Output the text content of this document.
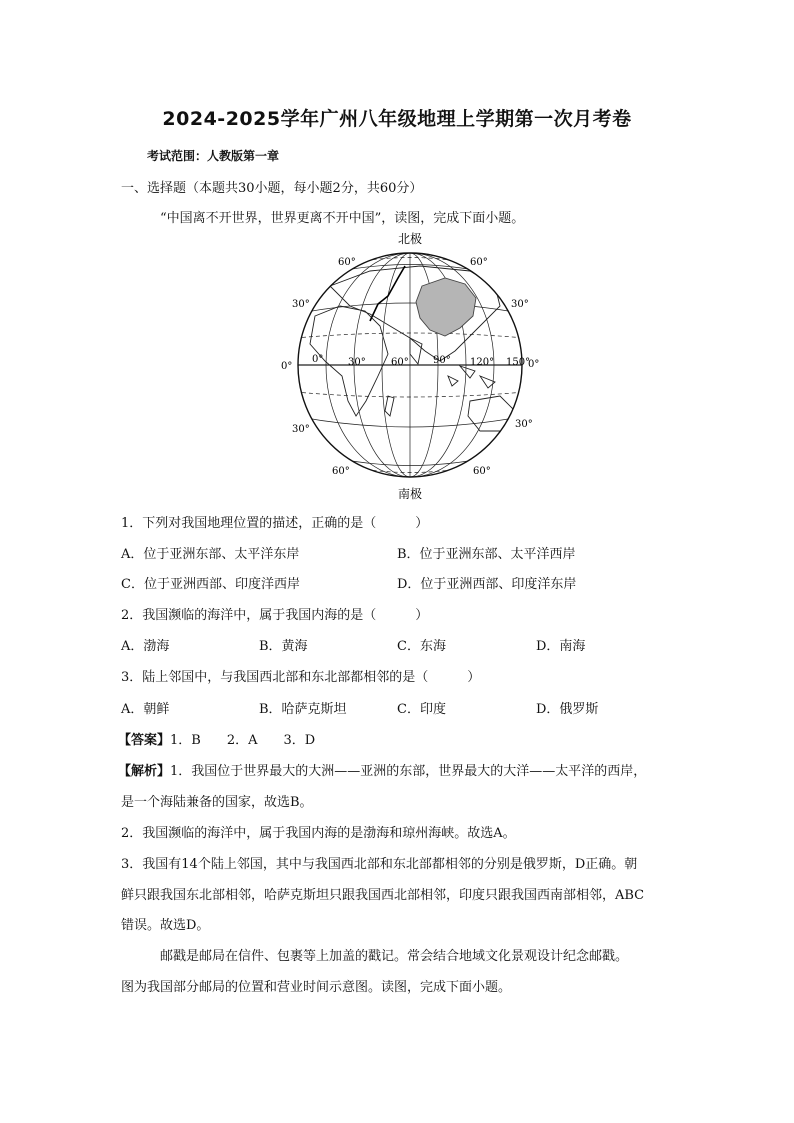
2024-2025学年广州八年级地理上学期第一次月考卷
考试范围：人教版第一章
一、选择题（本题共30小题，每小题2分，共60分）
“中国离不开世界，世界更离不开中国”，读图，完成下面小题。
北极
南极
60°	60°
30°	30°
0°	0°
30°	30°
60°	60°
0° 30°	60° 90° 120° 150°
1．下列对我国地理位置的描述，正确的是（　　　）
A．位于亚洲东部、太平洋东岸	B．位于亚洲东部、太平洋西岸
C．位于亚洲西部、印度洋西岸	D．位于亚洲西部、印度洋东岸
2．我国濒临的海洋中，属于我国内海的是（　　　）
A．渤海	B．黄海	C．东海	D．南海
3．陆上邻国中，与我国西北部和东北部都相邻的是（　　　）
A．朝鲜	B．哈萨克斯坦	C．印度	D．俄罗斯
【答案】1．B　　2．A　　3．D
【解析】1．我国位于世界最大的大洲——亚洲的东部，世界最大的大洋——太平洋的西岸，
是一个海陆兼备的国家，故选B。
2．我国濒临的海洋中，属于我国内海的是渤海和琼州海峡。故选A。
3．我国有14个陆上邻国，其中与我国西北部和东北部都相邻的分别是俄罗斯，D正确。朝
鲜只跟我国东北部相邻，哈萨克斯坦只跟我国西北部相邻，印度只跟我国西南部相邻，ABC
错误。故选D。
邮戳是邮局在信件、包裹等上加盖的戳记。常会结合地域文化景观设计纪念邮戳。
图为我国部分邮局的位置和营业时间示意图。读图，完成下面小题。
